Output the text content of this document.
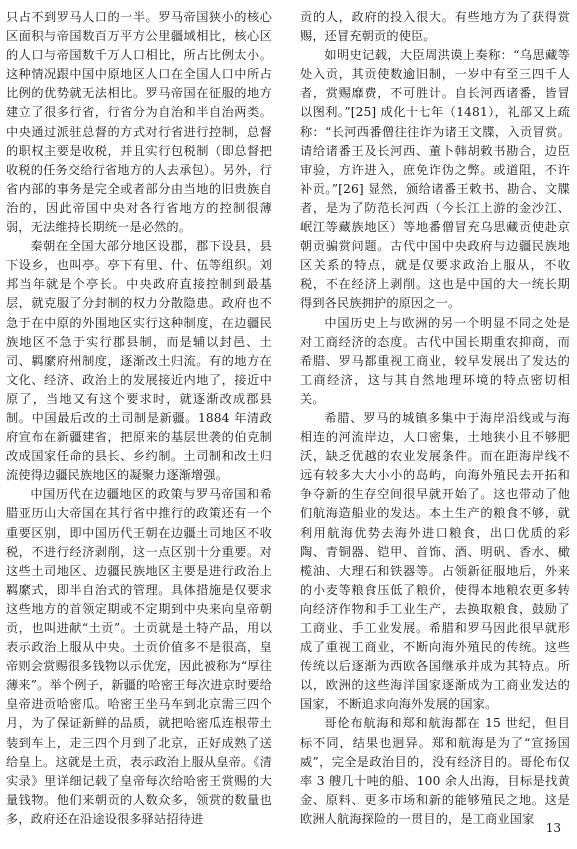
只占不到罗马人口的一半。罗马帝国狭小的核心区面积与帝国数百万平方公里疆域相比，核心区的人口与帝国数千万人口相比，所占比例太小。这种情况跟中国中原地区人口在全国人口中所占比例的优势就无法相比。罗马帝国在征服的地方建立了很多行省，行省分为自治和半自治两类。中央通过派驻总督的方式对行省进行控制，总督的职权主要是收税，并且实行包税制（即总督把收税的任务交给行省地方的人去承包）。另外，行省内部的事务是完全或者部分由当地的旧贵族自治的，因此帝国中央对各行省地方的控制很薄弱，无法维持长期统一是必然的。

秦朝在全国大部分地区设郡，郡下设县，县下设乡，也叫亭。亭下有里、什、伍等组织。刘邦当年就是个亭长。中央政府直接控制到最基层，就克服了分封制的权力分散隐患。政府也不急于在中原的外围地区实行这种制度，在边疆民族地区不急于实行郡县制，而是辅以封邑、土司、羁縻府州制度，逐渐改土归流。有的地方在文化、经济、政治上的发展接近内地了，接近中原了，当地又有这个要求时，就逐渐改成郡县制。中国最后改的土司制是新疆。1884 年清政府宣布在新疆建省，把原来的基层世袭的伯克制改成国家任命的县长、乡约制。土司制和改土归流使得边疆民族地区的凝聚力逐渐增强。

中国历代在边疆地区的政策与罗马帝国和希腊亚历山大帝国在其行省中推行的政策还有一个重要区别，即中国历代王朝在边疆土司地区不收税，不进行经济剥削，这一点区别十分重要。对这些土司地区、边疆民族地区主要是进行政治上羁縻式，即半自治式的管理。具体措施是仅要求这些地方的首领定期或不定期到中央来向皇帝朝贡，也叫进献“土贡”。土贡就是土特产品，用以表示政治上服从中央。土贡价值多不是很高，皇帝则会赏赐很多钱物以示优宠，因此被称为“厚往薄来”。举个例子，新疆的哈密王每次进京时要给皇帝进贡哈密瓜。哈密王坐马车到北京需三四个月，为了保证新鲜的品质，就把哈密瓜连根带土装到车上，走三四个月到了北京，正好成熟了送给皇上。这就是土贡，表示政治上服从皇帝。《清实录》里详细记载了皇帝每次给哈密王赏赐的大量钱物。他们来朝贡的人数众多，领赏的数量也多，政府还在沿途设很多驿站招待进

贡的人，政府的投入很大。有些地方为了获得赏赐，还冒充朝贡的使臣。

如明史记载，大臣周洪谟上奏称：“乌思藏等处入贡，其贡使数逾旧制，一岁中有至三四千人者，赏赐靡费，不可胜计。自长河西诸番，皆冒以图利。”[25] 成化十七年（1481），礼部又上疏称：“长河西番僧往往诈为诸王文牒，入贡冒赏。请给诸番王及长河西、董卜韩胡敕书勘合，边臣审验，方许进入，庶免诈伪之弊。或道阻，不许补贡。”[26] 显然，颁给诸番王敕书、勘合、文牒者，是为了防范长河西（今长江上游的金沙江、岷江等藏族地区）等地番僧冒充乌思藏贡使赴京朝贡骗赏问题。古代中国中央政府与边疆民族地区关系的特点，就是仅要求政治上服从，不收税，不在经济上剥削。这也是中国的大一统长期得到各民族拥护的原因之一。

中国历史上与欧洲的另一个明显不同之处是对工商经济的态度。古代中国长期重农抑商，而希腊、罗马都重视工商业，较早发展出了发达的工商经济，这与其自然地理环境的特点密切相关。

希腊、罗马的城镇多集中于海岸沿线或与海相连的河流岸边，人口密集，土地狭小且不够肥沃，缺乏优越的农业发展条件。而在距海岸线不远有较多大大小小的岛屿，向海外殖民去开拓和争夺新的生存空间很早就开始了。这也带动了他们航海造船业的发达。本土生产的粮食不够，就利用航海优势去海外进口粮食，出口优质的彩陶、青铜器、铠甲、首饰、酒、明矾、香水、橄榄油、大理石和铁器等。占领新征服地后，外来的小麦等粮食压低了粮价，使得本地粮农更多转向经济作物和手工业生产，去换取粮食，鼓励了工商业、手工业发展。希腊和罗马因此很早就形成了重视工商业，不断向海外殖民的传统。这些传统以后逐渐为西欧各国继承并成为其特点。所以，欧洲的这些海洋国家逐渐成为工商业发达的国家，不断追求向海外发展的国家。

哥伦布航海和郑和航海都在 15 世纪，但目标不同，结果也迥异。郑和航海是为了“宣扬国威”，完全是政治目的，没有经济目的。哥伦布仅率 3 艘几十吨的船、100 余人出海，目标是找黄金、原料、更多市场和新的能够殖民之地。这是欧洲人航海探险的一贯目的，是工商业国家

13
